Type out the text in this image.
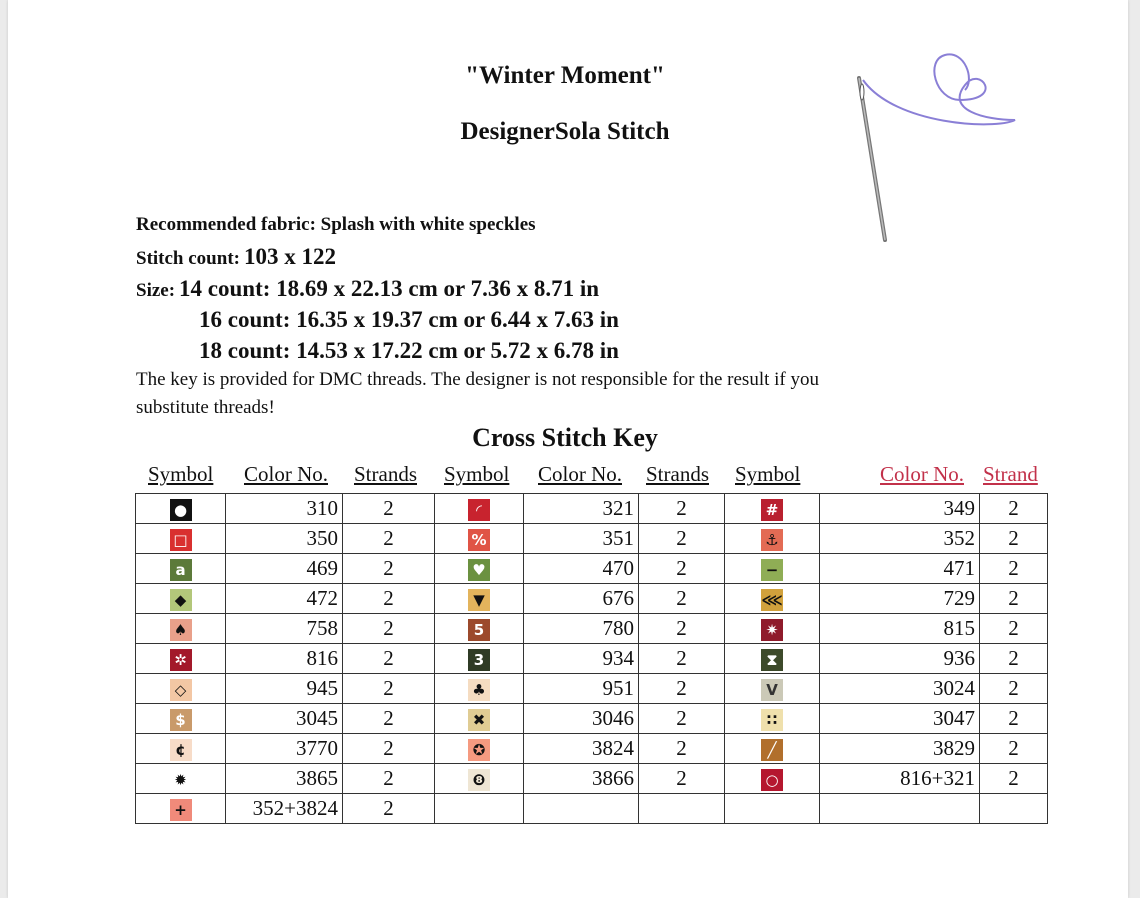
"Winter Moment"
DesignerSola Stitch
Recommended fabric: Splash with white speckles
Stitch count: 103 x 122
Size: 14 count: 18.69 x 22.13 cm or 7.36 x 8.71 in
16 count: 16.35 x 19.37 cm or 6.44 x 7.63 in
18 count: 14.53 x 17.22 cm or 5.72 x 6.78 in
The key is provided for DMC threads. The designer is not responsible for the result if you
substitute threads!
Cross Stitch Key
Symbol Color No. Strands Symbol Color No. Strands Symbol	Color No. Strand
●	310	2	◜	321	2	#	349	2
□	350	2	%	351	2	⚓	352	2
a	469	2	♥	470	2	−	471	2
◆	472	2	▼	676	2	⋘	729	2
♠	758	2	5	780	2	✷	815	2
✲	816	2	3	934	2	⧗	936	2
◇	945	2	♣	951	2	V	3024	2
$	3045	2	✖	3046	2	∷	3047	2
¢	3770	2	✪	3824	2	╱	3829	2
✹	3865	2	❽	3866	2	○	816+321	2
+	352+3824	2						
